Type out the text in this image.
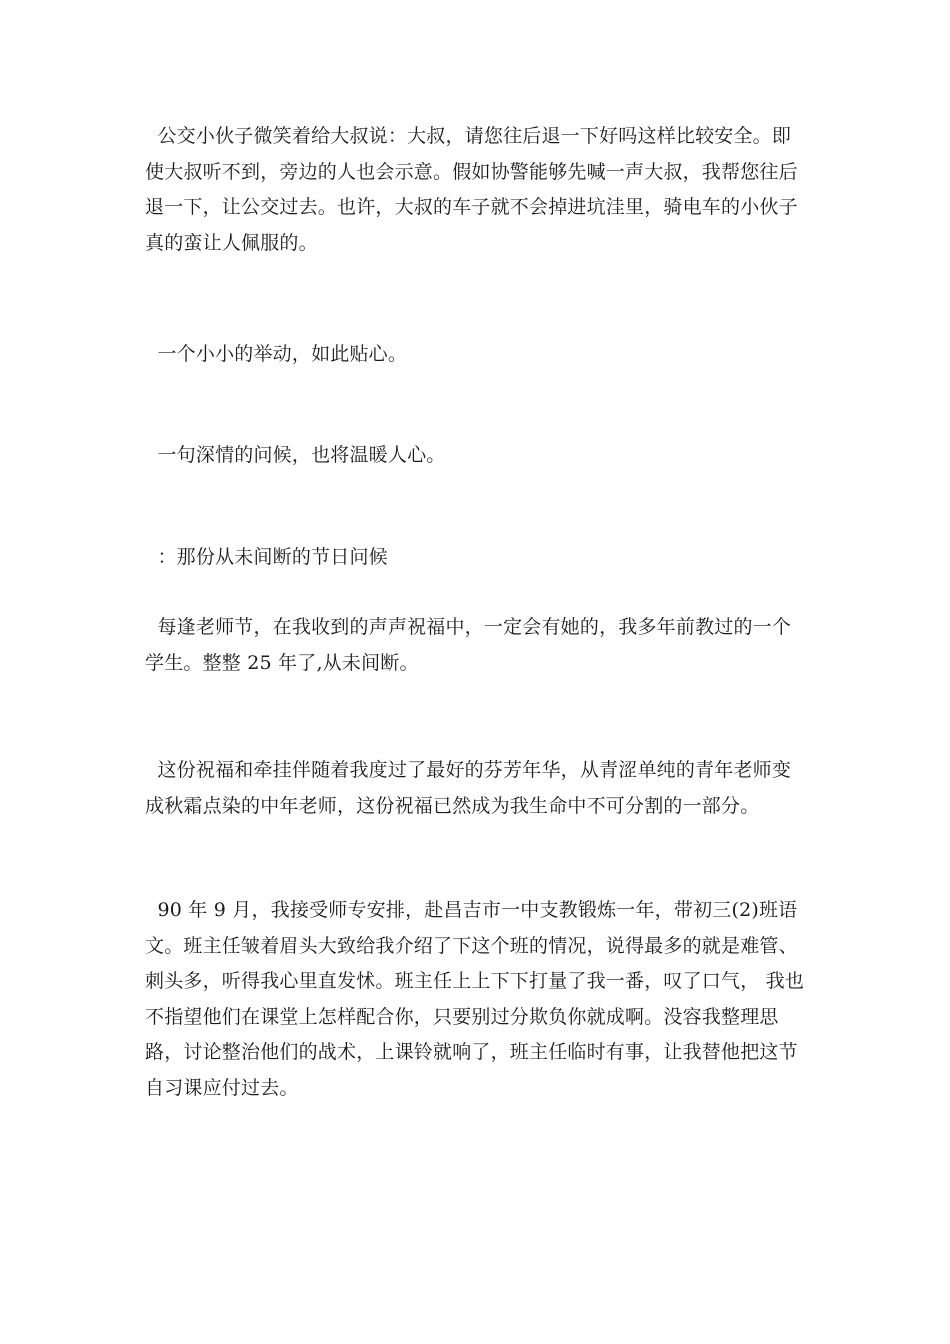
公交小伙子微笑着给大叔说：大叔，请您往后退一下好吗这样比较安全。即使大叔听不到，旁边的人也会示意。假如协警能够先喊一声大叔，我帮您往后退一下，让公交过去。也许，大叔的车子就不会掉进坑洼里，骑电车的小伙子真的蛮让人佩服的。

一个小小的举动，如此贴心。

一句深情的问候，也将温暖人心。

：那份从未间断的节日问候

每逢老师节，在我收到的声声祝福中，一定会有她的，我多年前教过的一个学生。整整 25 年了,从未间断。

这份祝福和牵挂伴随着我度过了最好的芬芳年华，从青涩单纯的青年老师变成秋霜点染的中年老师，这份祝福已然成为我生命中不可分割的一部分。

90 年 9 月，我接受师专安排，赴昌吉市一中支教锻炼一年，带初三(2)班语文。班主任皱着眉头大致给我介绍了下这个班的情况，说得最多的就是难管、刺头多，听得我心里直发怵。班主任上上下下打量了我一番，叹了口气， 我也不指望他们在课堂上怎样配合你，只要别过分欺负你就成啊。没容我整理思路，讨论整治他们的战术，上课铃就响了，班主任临时有事，让我替他把这节自习课应付过去。
